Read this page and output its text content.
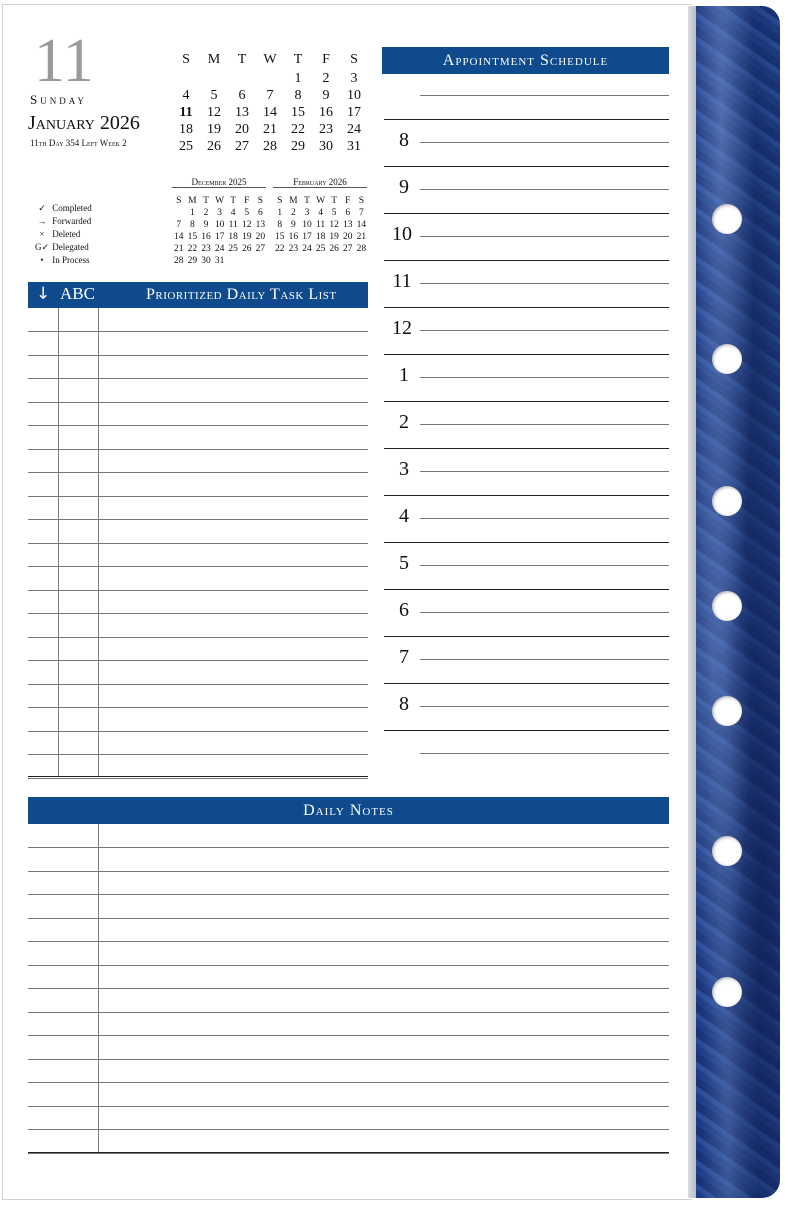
11
Sunday
January 2026
11th Day 354 Left Week 2
S	M	T	W	T	F	S
				1	2	3
4	5	6	7	8	9	10
11	12	13	14	15	16	17
18	19	20	21	22	23	24
25	26	27	28	29	30	31
December 2025
S	M	T	W	T	F	S
	1	2	3	4	5	6
7	8	9	10	11	12	13
14	15	16	17	18	19	20
21	22	23	24	25	26	27
28	29	30	31			
February 2026
S	M	T	W	T	F	S
1	2	3	4	5	6	7
8	9	10	11	12	13	14
15	16	17	18	19	20	21
22	23	24	25	26	27	28
✓ Completed
→ Forwarded
× Deleted
G✓ Delegated
• In Process
↓ ABC	Prioritized Daily Task List
Appointment Schedule
8
9
10
11
12
1
2
3
4
5
6
7
8
Daily Notes
